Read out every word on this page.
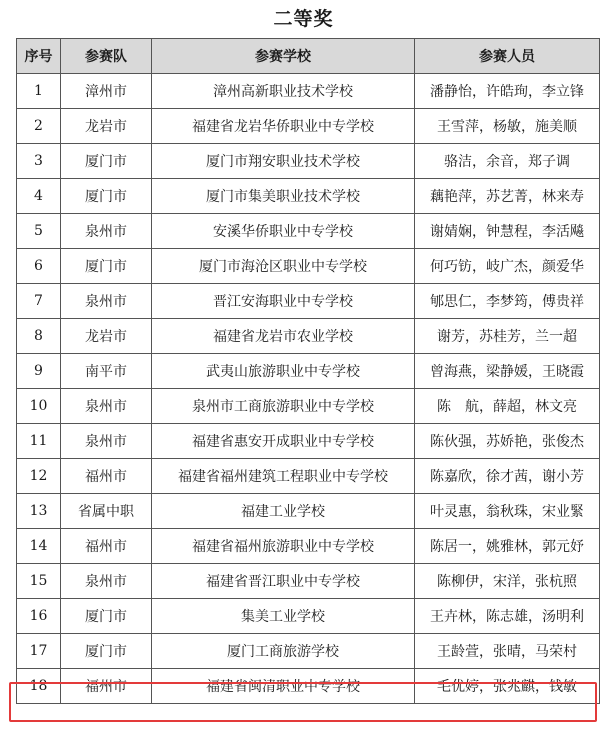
二等奖
序号	参赛队	参赛学校	参赛人员
1	漳州市	漳州高新职业技术学校	潘静怡，许皓珣，李立锋
2	龙岩市	福建省龙岩华侨职业中专学校	王雪萍，杨敏，施美顺
3	厦门市	厦门市翔安职业技术学校	骆洁，余音，郑子调
4	厦门市	厦门市集美职业技术学校	藕艳萍，苏艺菁，林来寿
5	泉州市	安溪华侨职业中专学校	谢婧娴，钟慧程，李活飚
6	厦门市	厦门市海沧区职业中专学校	何巧钫，岐广杰，颜爱华
7	泉州市	晋江安海职业中专学校	郇思仁，李梦筠，傅贵祥
8	龙岩市	福建省龙岩市农业学校	谢芳，苏桂芳，兰一超
9	南平市	武夷山旅游职业中专学校	曾海燕，梁静媛，王晓霞
10	泉州市	泉州市工商旅游职业中专学校	陈　航，薛超，林文亮
11	泉州市	福建省惠安开成职业中专学校	陈伙强，苏娇艳，张俊杰
12	福州市	福建省福州建筑工程职业中专学校	陈嘉欣，徐才茜，谢小芳
13	省属中职	福建工业学校	叶灵惠，翁秋珠，宋业緊
14	福州市	福建省福州旅游职业中专学校	陈居一，姚雅林，郭元妤
15	泉州市	福建省晋江职业中专学校	陈柳伊，宋洋，张杭照
16	厦门市	集美工业学校	王卉林，陈志雄，汤明利
17	厦门市	厦门工商旅游学校	王龄萱，张晴，马荣村
18	福州市	福建省闽清职业中专学校	毛优婷，张兆麒，钱敏
